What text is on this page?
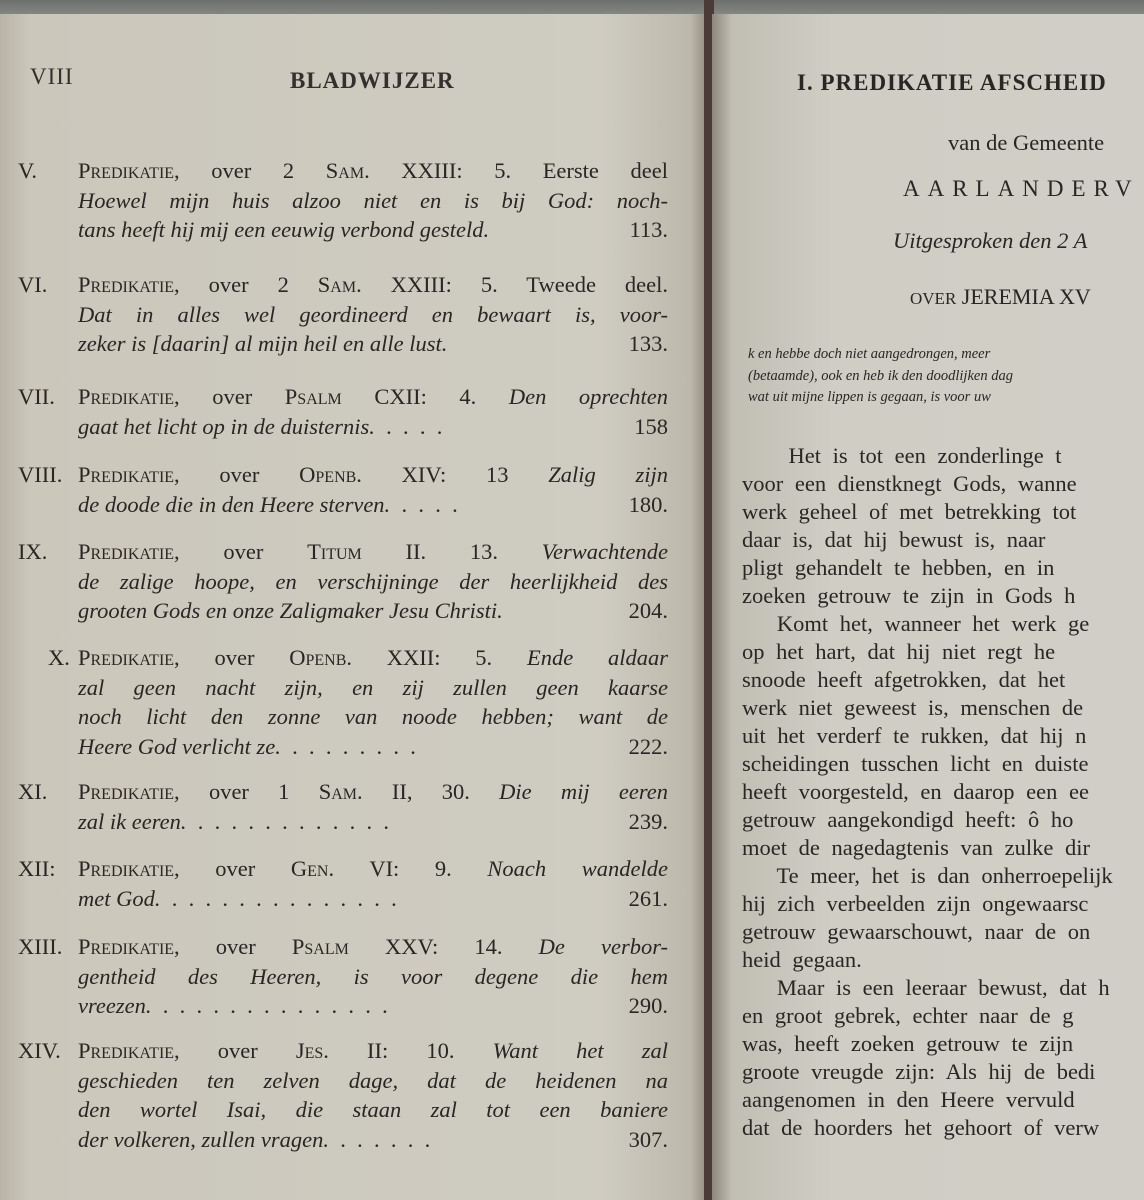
VIII	BLADWIJZER
V. Predikatie, over 2 Sam. XXIII: 5. Eerste deel
Hoewel mijn huis alzoo niet en is bij God: noch-
tans heeft hij mij een eeuwig verbond gesteld.	113.
VI. Predikatie, over 2 Sam. XXIII: 5. Tweede deel.
Dat in alles wel geordineerd en bewaart is, voor-
zeker is [daarin] al mijn heil en alle lust.	133.
VII. Predikatie, over Psalm CXII: 4. Den oprechten
gaat het licht op in de duisternis.  .  .  .  .	158
VIII. Predikatie, over Openb. XIV: 13 Zalig zijn
de doode die in den Heere sterven.  .  .  .  .	180.
IX. Predikatie, over Titum II. 13. Verwachtende
de zalige hoope, en verschijninge der heerlijkheid des
grooten Gods en onze Zaligmaker Jesu Christi.	204.
X. Predikatie, over Openb. XXII: 5. Ende aldaar
zal geen nacht zijn, en zij zullen geen kaarse
noch licht den zonne van noode hebben; want de
Heere God verlicht ze.  .  .  .  .  .  .  .  .	222.
XI. Predikatie, over 1 Sam. II, 30. Die mij eeren
zal ik eeren.  .  .  .  .  .  .  .  .  .  .  .  .	239.
XII: Predikatie, over Gen. VI: 9. Noach wandelde
met God.  .  .  .  .  .  .  .  .  .  .  .  .  .  .	261.
XIII. Predikatie, over Psalm XXV: 14. De verbor-
gentheid des Heeren, is voor degene die hem
vreezen.  .  .  .  .  .  .  .  .  .  .  .  .  .  .	290.
XIV. Predikatie, over Jes. II: 10. Want het zal
geschieden ten zelven dage, dat de heidenen na
den wortel Isai, die staan zal tot een baniere
der volkeren, zullen vragen.  .  .  .  .  .  .	307.
I. PREDIKATIE AFSCHEID
van de Gemeente
AARLANDERV
Uitgesproken den 2 A
OVER JEREMIA XV
k en hebbe doch niet aangedrongen, meer
(betaamde), ook en heb ik den doodlijken dag
wat uit mijne lippen is gegaan, is voor uw
Het is tot een zonderlinge t
voor een dienstknegt Gods, wanne
werk geheel of met betrekking tot
daar is, dat hij bewust is, naar
pligt gehandelt te hebben, en in
zoeken getrouw te zijn in Gods h
Komt het, wanneer het werk ge
op het hart, dat hij niet regt he
snoode heeft afgetrokken, dat het
werk niet geweest is, menschen de
uit het verderf te rukken, dat hij n
scheidingen tusschen licht en duiste
heeft voorgesteld, en daarop een ee
getrouw aangekondigd heeft: ô ho
moet de nagedagtenis van zulke dir
Te meer, het is dan onherroepelijk
hij zich verbeelden zijn ongewaarsc
getrouw gewaarschouwt, naar de on
heid gegaan.
Maar is een leeraar bewust, dat h
en groot gebrek, echter naar de g
was, heeft zoeken getrouw te zijn
groote vreugde zijn: Als hij de bedi
aangenomen in den Heere vervuld
dat de hoorders het gehoort of verw
